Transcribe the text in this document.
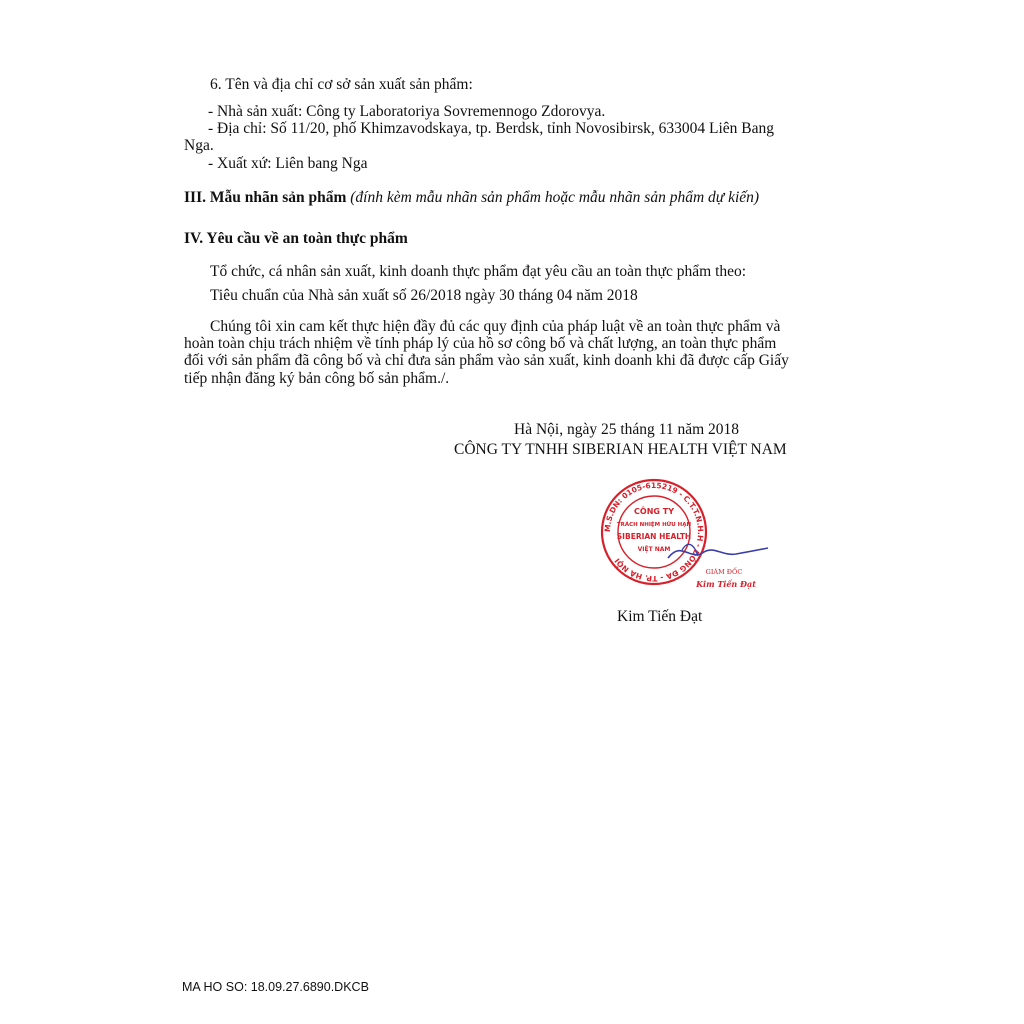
6. Tên và địa chỉ cơ sở sản xuất sản phẩm:
- Nhà sản xuất: Công ty Laboratoriya Sovremennogo Zdorovya.
- Địa chỉ: Số 11/20, phố Khimzavodskaya, tp. Berdsk, tỉnh Novosibirsk, 633004 Liên Bang
Nga.
- Xuất xứ: Liên bang Nga
III. Mẫu nhãn sản phẩm (đính kèm mẫu nhãn sản phẩm hoặc mẫu nhãn sản phẩm dự kiến)
IV. Yêu cầu về an toàn thực phẩm
Tổ chức, cá nhân sản xuất, kinh doanh thực phẩm đạt yêu cầu an toàn thực phẩm theo:
Tiêu chuẩn của Nhà sản xuất số 26/2018 ngày 30 tháng 04 năm 2018
Chúng tôi xin cam kết thực hiện đầy đủ các quy định của pháp luật về an toàn thực phẩm và
hoàn toàn chịu trách nhiệm về tính pháp lý của hồ sơ công bố và chất lượng, an toàn thực phẩm
đối với sản phẩm đã công bố và chỉ đưa sản phẩm vào sản xuất, kinh doanh khi đã được cấp Giấy
tiếp nhận đăng ký bản công bố sản phẩm./.
Hà Nội, ngày 25 tháng 11 năm 2018
CÔNG TY TNHH SIBERIAN HEALTH VIỆT NAM
M.S.DN: 0105-615219 - C.T.T.N.H.H - ĐỐNG ĐA - TP. HÀ NỘI
CÔNG TY
TRÁCH NHIỆM HỮU HẠN
SIBERIAN HEALTH
VIỆT NAM
GIÁM ĐỐC
Kim Tiến Đạt
Kim Tiến Đạt
MA HO SO: 18.09.27.6890.DKCB
